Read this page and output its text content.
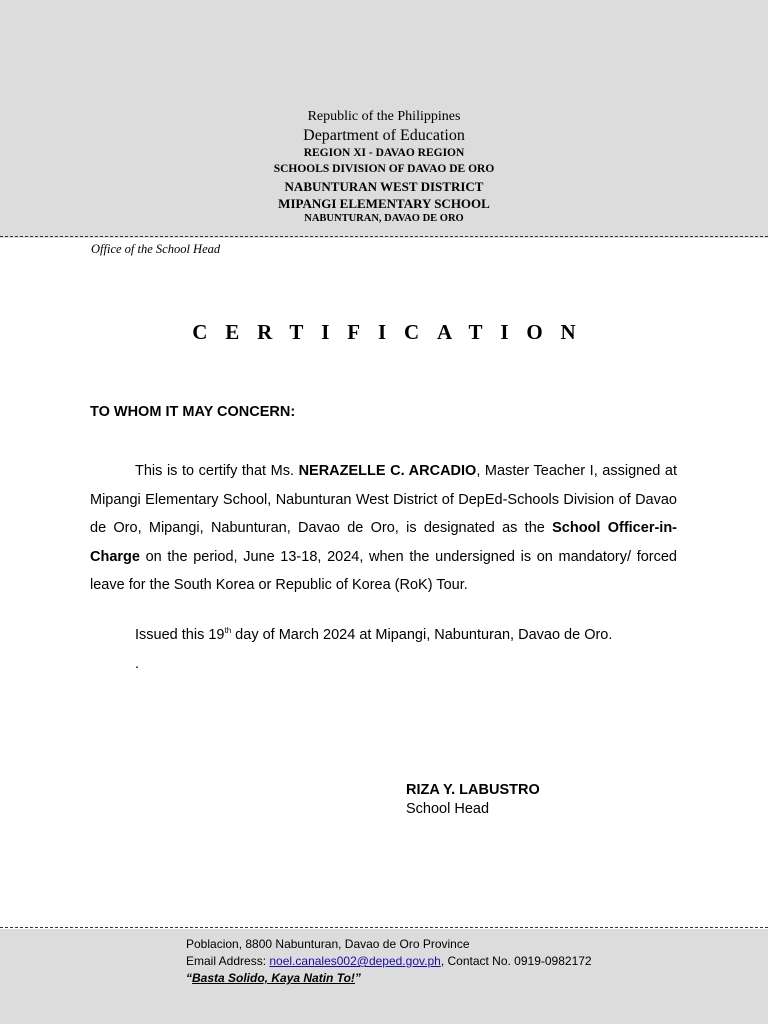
Republic of the Philippines
Department of Education
REGION XI - DAVAO REGION
SCHOOLS DIVISION OF DAVAO DE ORO
NABUNTURAN WEST DISTRICT
MIPANGI ELEMENTARY SCHOOL
NABUNTURAN, DAVAO DE ORO
Office of the School Head
CERTIFICATION
TO WHOM IT MAY CONCERN:
This is to certify that Ms. NERAZELLE C. ARCADIO, Master Teacher I, assigned at Mipangi Elementary School, Nabunturan West District of DepEd-Schools Division of Davao de Oro, Mipangi, Nabunturan, Davao de Oro, is designated as the School Officer-in-Charge on the period, June 13-18, 2024, when the undersigned is on mandatory/ forced leave for the South Korea or Republic of Korea (RoK) Tour.
Issued this 19th day of March 2024 at Mipangi, Nabunturan, Davao de Oro.
.
RIZA Y. LABUSTRO
School Head
Poblacion, 8800 Nabunturan, Davao de Oro Province
Email Address: noel.canales002@deped.gov.ph, Contact No. 0919-0982172
“Basta Solido, Kaya Natin To!”
